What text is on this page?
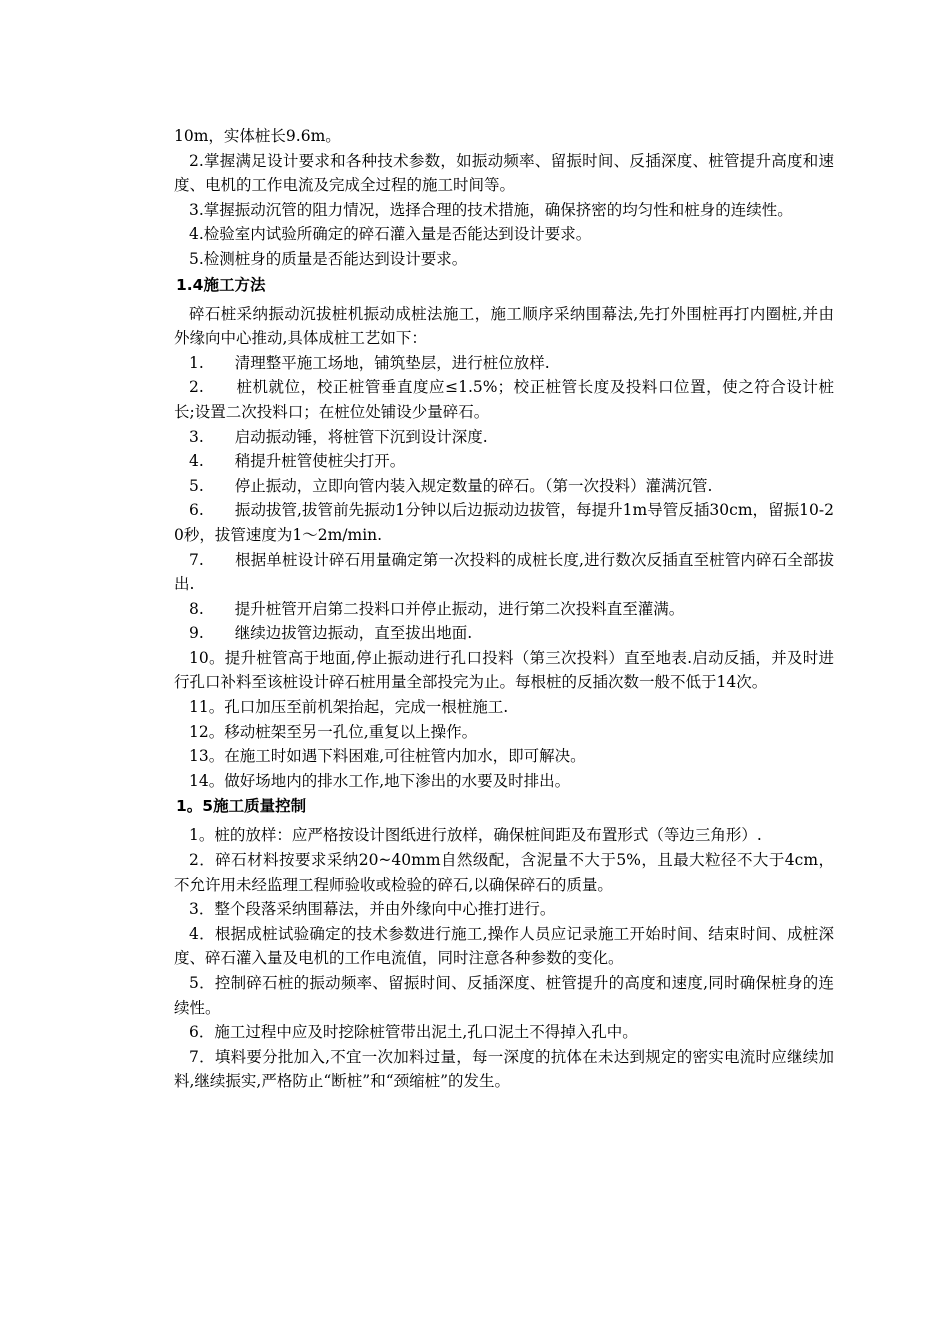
10m，实体桩长9.6m。

2.掌握满足设计要求和各种技术参数，如振动频率、留振时间、反插深度、桩管提升高度和速度、电机的工作电流及完成全过程的施工时间等。

3.掌握振动沉管的阻力情况，选择合理的技术措施，确保挤密的均匀性和桩身的连续性。

4.检验室内试验所确定的碎石灌入量是否能达到设计要求。

5.检测桩身的质量是否能达到设计要求。

1.4施工方法

碎石桩采纳振动沉拔桩机振动成桩法施工，施工顺序采纳围幕法,先打外围桩再打内圈桩,并由外缘向中心推动,具体成桩工艺如下：

1.　　清理整平施工场地，铺筑垫层，进行桩位放样.

2.　　桩机就位，校正桩管垂直度应≤1.5%；校正桩管长度及投料口位置，使之符合设计桩长;设置二次投料口；在桩位处铺设少量碎石。

3.　　启动振动锤，将桩管下沉到设计深度.

4.　　稍提升桩管使桩尖打开。

5.　　停止振动，立即向管内装入规定数量的碎石。（第一次投料）灌满沉管.

6.　　振动拔管,拔管前先振动1分钟以后边振动边拔管，每提升1m导管反插30cm，留振10-20秒，拔管速度为1～2m/min.

7.　　根据单桩设计碎石用量确定第一次投料的成桩长度,进行数次反插直至桩管内碎石全部拔出.

8.　　提升桩管开启第二投料口并停止振动，进行第二次投料直至灌满。

9.　　继续边拔管边振动，直至拔出地面.

10。提升桩管高于地面,停止振动进行孔口投料（第三次投料）直至地表.启动反插，并及时进行孔口补料至该桩设计碎石桩用量全部投完为止。每根桩的反插次数一般不低于14次。

11。孔口加压至前机架抬起，完成一根桩施工.

12。移动桩架至另一孔位,重复以上操作。

13。在施工时如遇下料困难,可往桩管内加水，即可解决。

14。做好场地内的排水工作,地下渗出的水要及时排出。

1。5施工质量控制

1。桩的放样：应严格按设计图纸进行放样，确保桩间距及布置形式（等边三角形）.

2．碎石材料按要求采纳20~40mm自然级配，含泥量不大于5%，且最大粒径不大于4cm，不允许用未经监理工程师验收或检验的碎石,以确保碎石的质量。

3．整个段落采纳围幕法，并由外缘向中心推打进行。

4．根据成桩试验确定的技术参数进行施工,操作人员应记录施工开始时间、结束时间、成桩深度、碎石灌入量及电机的工作电流值，同时注意各种参数的变化。

5．控制碎石桩的振动频率、留振时间、反插深度、桩管提升的高度和速度,同时确保桩身的连续性。

6．施工过程中应及时挖除桩管带出泥土,孔口泥土不得掉入孔中。

7．填料要分批加入,不宜一次加料过量，每一深度的抗体在未达到规定的密实电流时应继续加料,继续振实,严格防止“断桩”和“颈缩桩”的发生。
